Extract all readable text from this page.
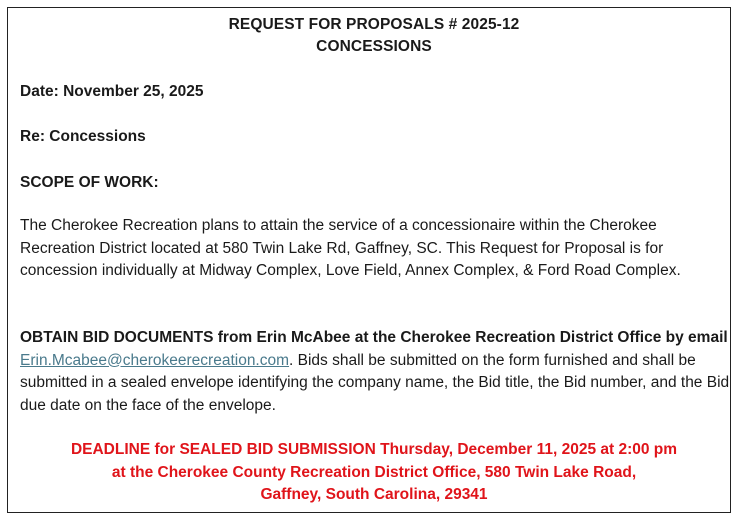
REQUEST FOR PROPOSALS # 2025-12
CONCESSIONS
Date: November 25, 2025
Re: Concessions
SCOPE OF WORK:
The Cherokee Recreation plans to attain the service of a concessionaire within the Cherokee Recreation District located at 580 Twin Lake Rd, Gaffney, SC. This Request for Proposal is for concession individually at Midway Complex, Love Field, Annex Complex, & Ford Road Complex.
OBTAIN BID DOCUMENTS from Erin McAbee at the Cherokee Recreation District Office by email Erin.Mcabee@cherokeerecreation.com. Bids shall be submitted on the form furnished and shall be submitted in a sealed envelope identifying the company name, the Bid title, the Bid number, and the Bid due date on the face of the envelope.
DEADLINE for SEALED BID SUBMISSION Thursday, December 11, 2025 at 2:00 pm
at the Cherokee County Recreation District Office, 580 Twin Lake Road,
Gaffney, South Carolina, 29341
